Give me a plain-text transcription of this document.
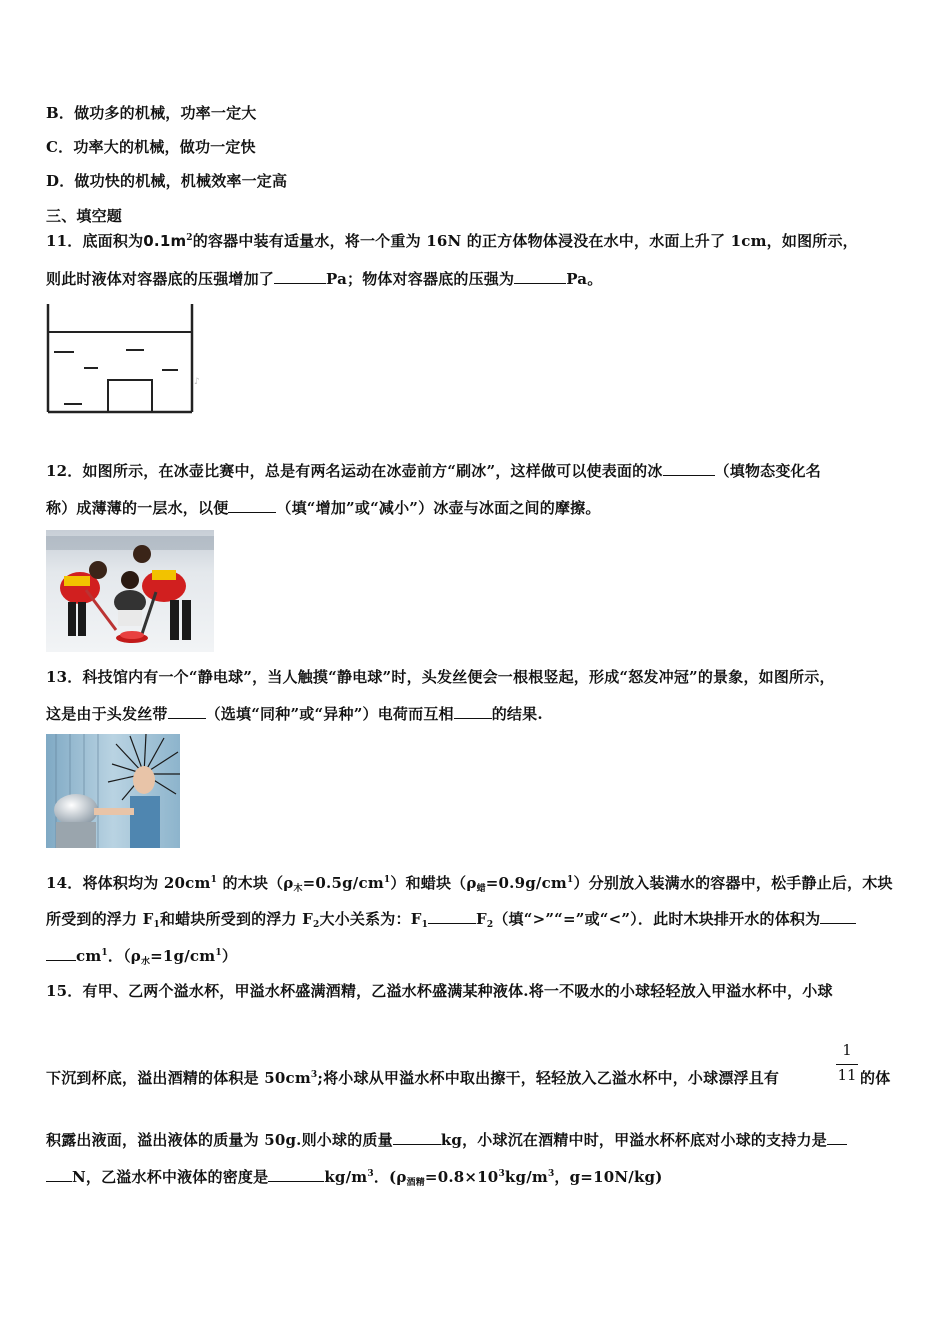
B．做功多的机械，功率一定大
C．功率大的机械，做功一定快
D．做功快的机械，机械效率一定高
三、填空题
11．底面积为$0.1m^2$的容器中装有适量水，将一个重为 16N 的正方体物体浸没在水中，水面上升了 1cm，如图所示，
则此时液体对容器底的压强增加了	Pa；物体对容器底的压强为	Pa。
♪
12．如图所示，在冰壶比赛中，总是有两名运动在冰壶前方“刷冰”，这样做可以使表面的冰	（填物态变化名
称）成薄薄的一层水，以便	（填“增加”或“减小”）冰壶与冰面之间的摩擦。
13．科技馆内有一个“静电球”，当人触摸“静电球”时，头发丝便会一根根竖起，形成“怒发冲冠”的景象，如图所示，
这是由于头发丝带	（选填“同种”或“异种”）电荷而互相	的结果.
14．将体积均为 $20cm^1$ 的木块$(\rho_木=0.5g/cm^1)$和蜡块$(\rho_蜡=0.9g/cm^1)$分别放入装满水的容器中，松手静止后，木块
所受到的浮力 $F_1$和蜡块所受到的浮力 $F_2$大小关系为：$F_1$	$F_2$（填“>”“=”或“<”）．此时木块排开水的体积为
$cm^1$．$(\rho_水=1g/cm^1)$
15．有甲、乙两个溢水杯，甲溢水杯盛满酒精，乙溢水杯盛满某种液体.将一不吸水的小球轻轻放入甲溢水杯中，小球
下沉到杯底，溢出酒精的体积是 $50cm^3$;将小球从甲溢水杯中取出擦干，轻轻放入乙溢水杯中，小球漂浮且有
1
11 的体
积露出液面，溢出液体的质量为 50g.则小球的质量	kg，小球沉在酒精中时，甲溢水杯杯底对小球的支持力是
N，乙溢水杯中液体的密度是	$kg/m^3$．($\rho_{酒精}=0.8\times 10^3kg/m^3$，g=10N/kg)
